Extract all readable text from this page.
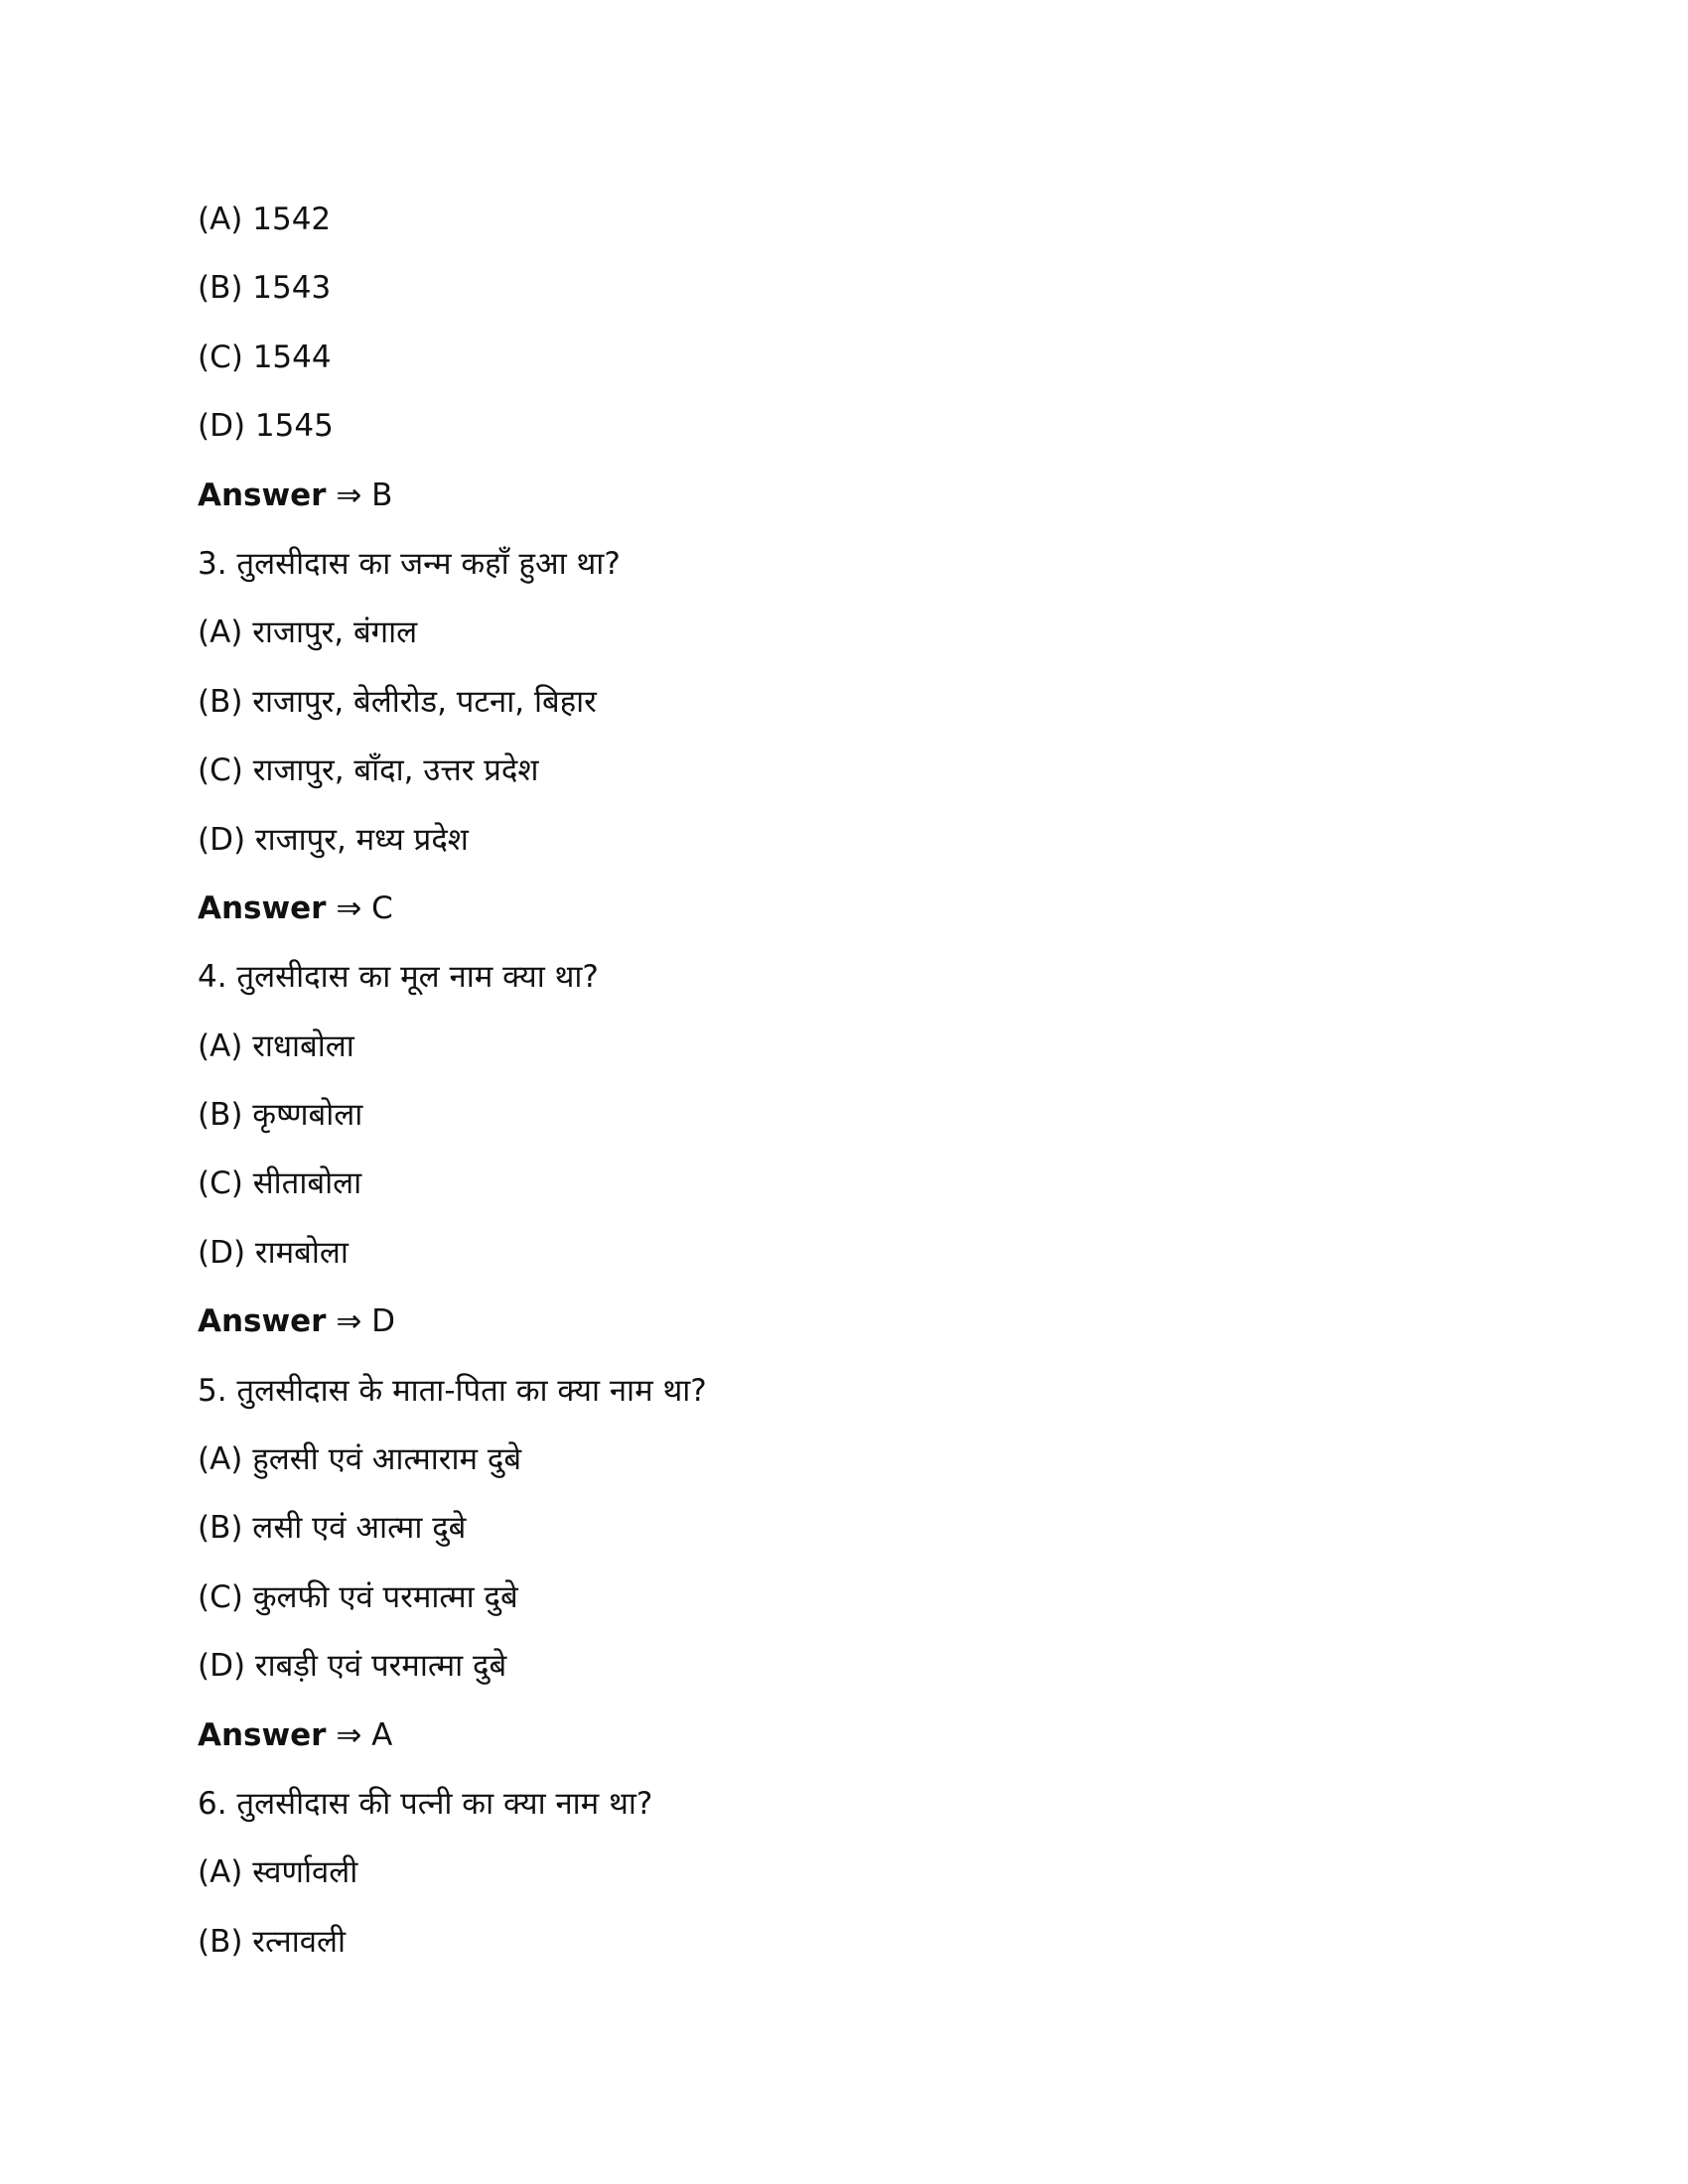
(A) 1542
(B) 1543
(C) 1544
(D) 1545
Answer ⇒ B
3. तुलसीदास का जन्म कहाँ हुआ था?
(A) राजापुर, बंगाल
(B) राजापुर, बेलीरोड, पटना, बिहार
(C) राजापुर, बाँदा, उत्तर प्रदेश
(D) राजापुर, मध्य प्रदेश
Answer ⇒ C
4. तुलसीदास का मूल नाम क्या था?
(A) राधाबोला
(B) कृष्णबोला
(C) सीताबोला
(D) रामबोला
Answer ⇒ D
5. तुलसीदास के माता-पिता का क्या नाम था?
(A) हुलसी एवं आत्माराम दुबे
(B) लसी एवं आत्मा दुबे
(C) कुलफी एवं परमात्मा दुबे
(D) राबड़ी एवं परमात्मा दुबे
Answer ⇒ A
6. तुलसीदास की पत्नी का क्या नाम था?
(A) स्वर्णावली
(B) रत्नावली
